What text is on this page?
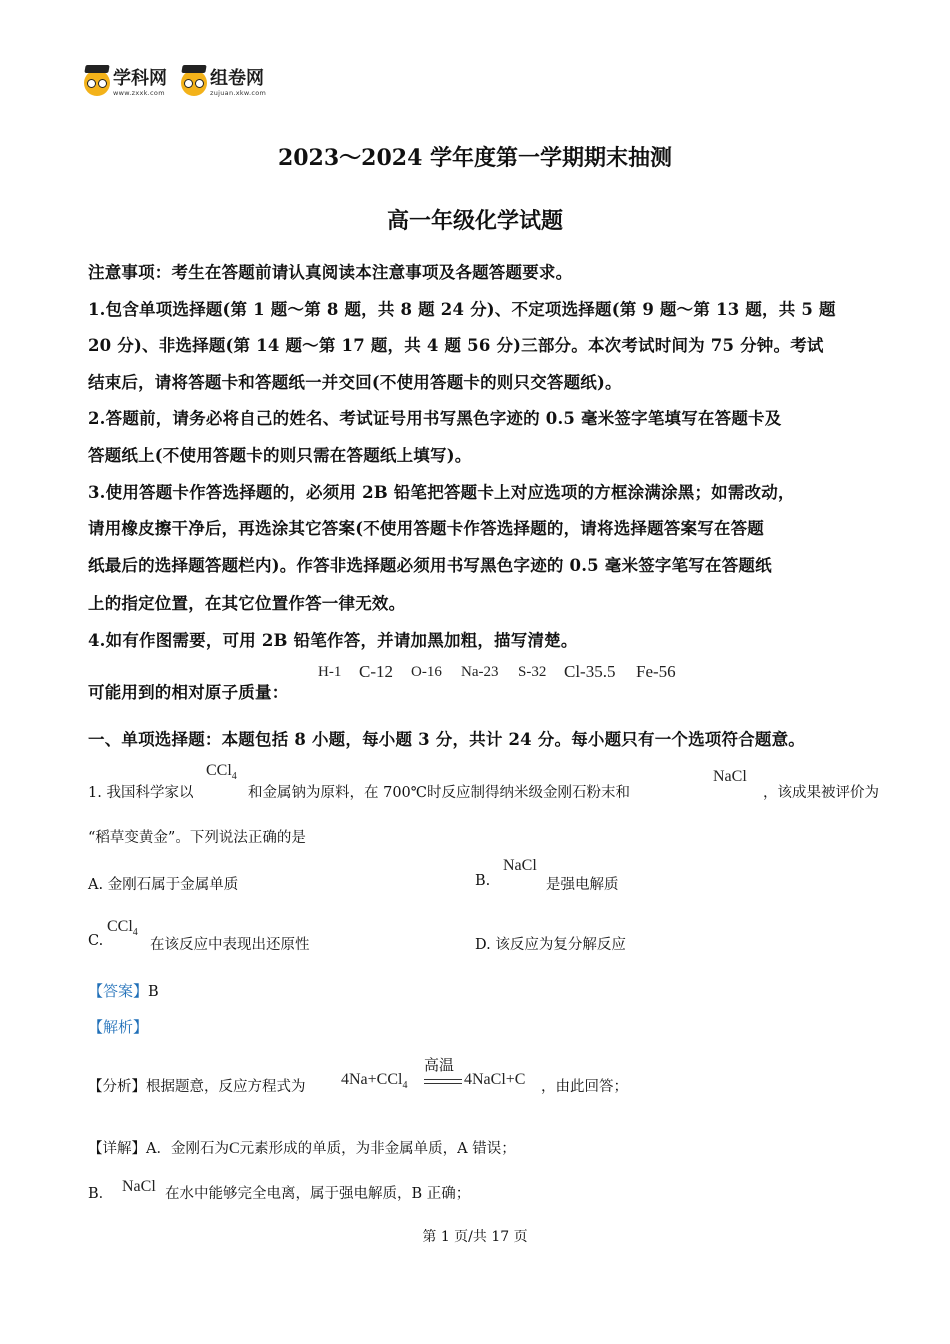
学科网
www.zxxk.com
组卷网
zujuan.xkw.com
2023～2024 学年度第一学期期末抽测
高一年级化学试题
注意事项：考生在答题前请认真阅读本注意事项及各题答题要求。
1.包含单项选择题(第 1 题～第 8 题，共 8 题 24 分)、不定项选择题(第 9 题～第 13 题，共 5 题
20 分)、非选择题(第 14 题～第 17 题，共 4 题 56 分)三部分。本次考试时间为 75 分钟。考试
结束后，请将答题卡和答题纸一并交回(不使用答题卡的则只交答题纸)。
2.答题前，请务必将自己的姓名、考试证号用书写黑色字迹的 0.5 毫米签字笔填写在答题卡及
答题纸上(不使用答题卡的则只需在答题纸上填写)。
3.使用答题卡作答选择题的，必须用 2B 铅笔把答题卡上对应选项的方框涂满涂黑；如需改动，
请用橡皮擦干净后，再选涂其它答案(不使用答题卡作答选择题的，请将选择题答案写在答题
纸最后的选择题答题栏内)。作答非选择题必须用书写黑色字迹的 0.5 毫米签字笔写在答题纸
上的指定位置，在其它位置作答一律无效。
4.如有作图需要，可用 2B 铅笔作答，并请加黑加粗，描写清楚。
可能用到的相对原子质量：
H-1 C-12 O-16 Na-23 S-32 Cl-35.5 Fe-56
一、单项选择题：本题包括 8 小题，每小题 3 分，共计 24 分。每小题只有一个选项符合题意。
1. 我国科学家以
CCl$_4$
和金属钠为原料，在 700℃时反应制得纳米级金刚石粉末和
NaCl
，该成果被评价为
“稻草变黄金”。下列说法正确的是
A. 金刚石属于金属单质	B.
NaCl
是强电解质
C.
CCl$_4$
在该反应中表现出还原性	D. 该反应为复分解反应
【答案】B
【解析】
【分析】根据题意，反应方程式为 4Na+CCl$_4$
高温
4NaCl+C ，由此回答；
【详解】A．金刚石为C元素形成的单质，为非金属单质，A 错误；
B． NaCl 在水中能够完全电离，属于强电解质，B 正确；
第 1 页/共 17 页
